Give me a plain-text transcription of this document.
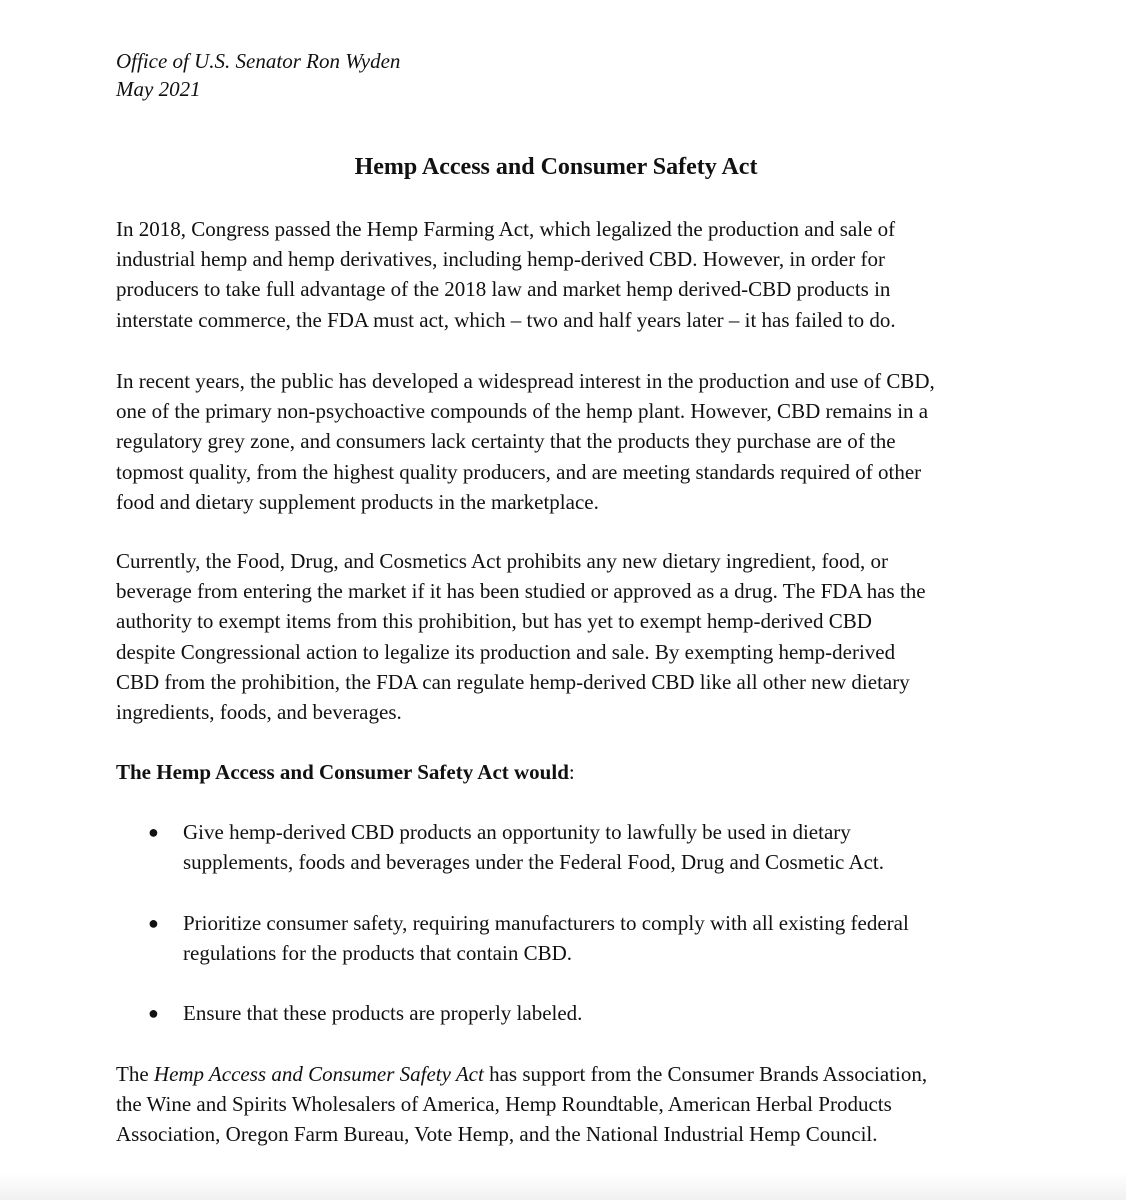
Office of U.S. Senator Ron Wyden
May 2021
Hemp Access and Consumer Safety Act
In 2018, Congress passed the Hemp Farming Act, which legalized the production and sale of
industrial hemp and hemp derivatives, including hemp-derived CBD. However, in order for
producers to take full advantage of the 2018 law and market hemp derived-CBD products in
interstate commerce, the FDA must act, which – two and half years later – it has failed to do.
In recent years, the public has developed a widespread interest in the production and use of CBD,
one of the primary non-psychoactive compounds of the hemp plant. However, CBD remains in a
regulatory grey zone, and consumers lack certainty that the products they purchase are of the
topmost quality, from the highest quality producers, and are meeting standards required of other
food and dietary supplement products in the marketplace.
Currently, the Food, Drug, and Cosmetics Act prohibits any new dietary ingredient, food, or
beverage from entering the market if it has been studied or approved as a drug. The FDA has the
authority to exempt items from this prohibition, but has yet to exempt hemp-derived CBD
despite Congressional action to legalize its production and sale. By exempting hemp-derived
CBD from the prohibition, the FDA can regulate hemp-derived CBD like all other new dietary
ingredients, foods, and beverages.
The Hemp Access and Consumer Safety Act would:
●	Give hemp-derived CBD products an opportunity to lawfully be used in dietary
supplements, foods and beverages under the Federal Food, Drug and Cosmetic Act.
●	Prioritize consumer safety, requiring manufacturers to comply with all existing federal
regulations for the products that contain CBD.
●	Ensure that these products are properly labeled.
The Hemp Access and Consumer Safety Act has support from the Consumer Brands Association,
the Wine and Spirits Wholesalers of America, Hemp Roundtable, American Herbal Products
Association, Oregon Farm Bureau, Vote Hemp, and the National Industrial Hemp Council.
